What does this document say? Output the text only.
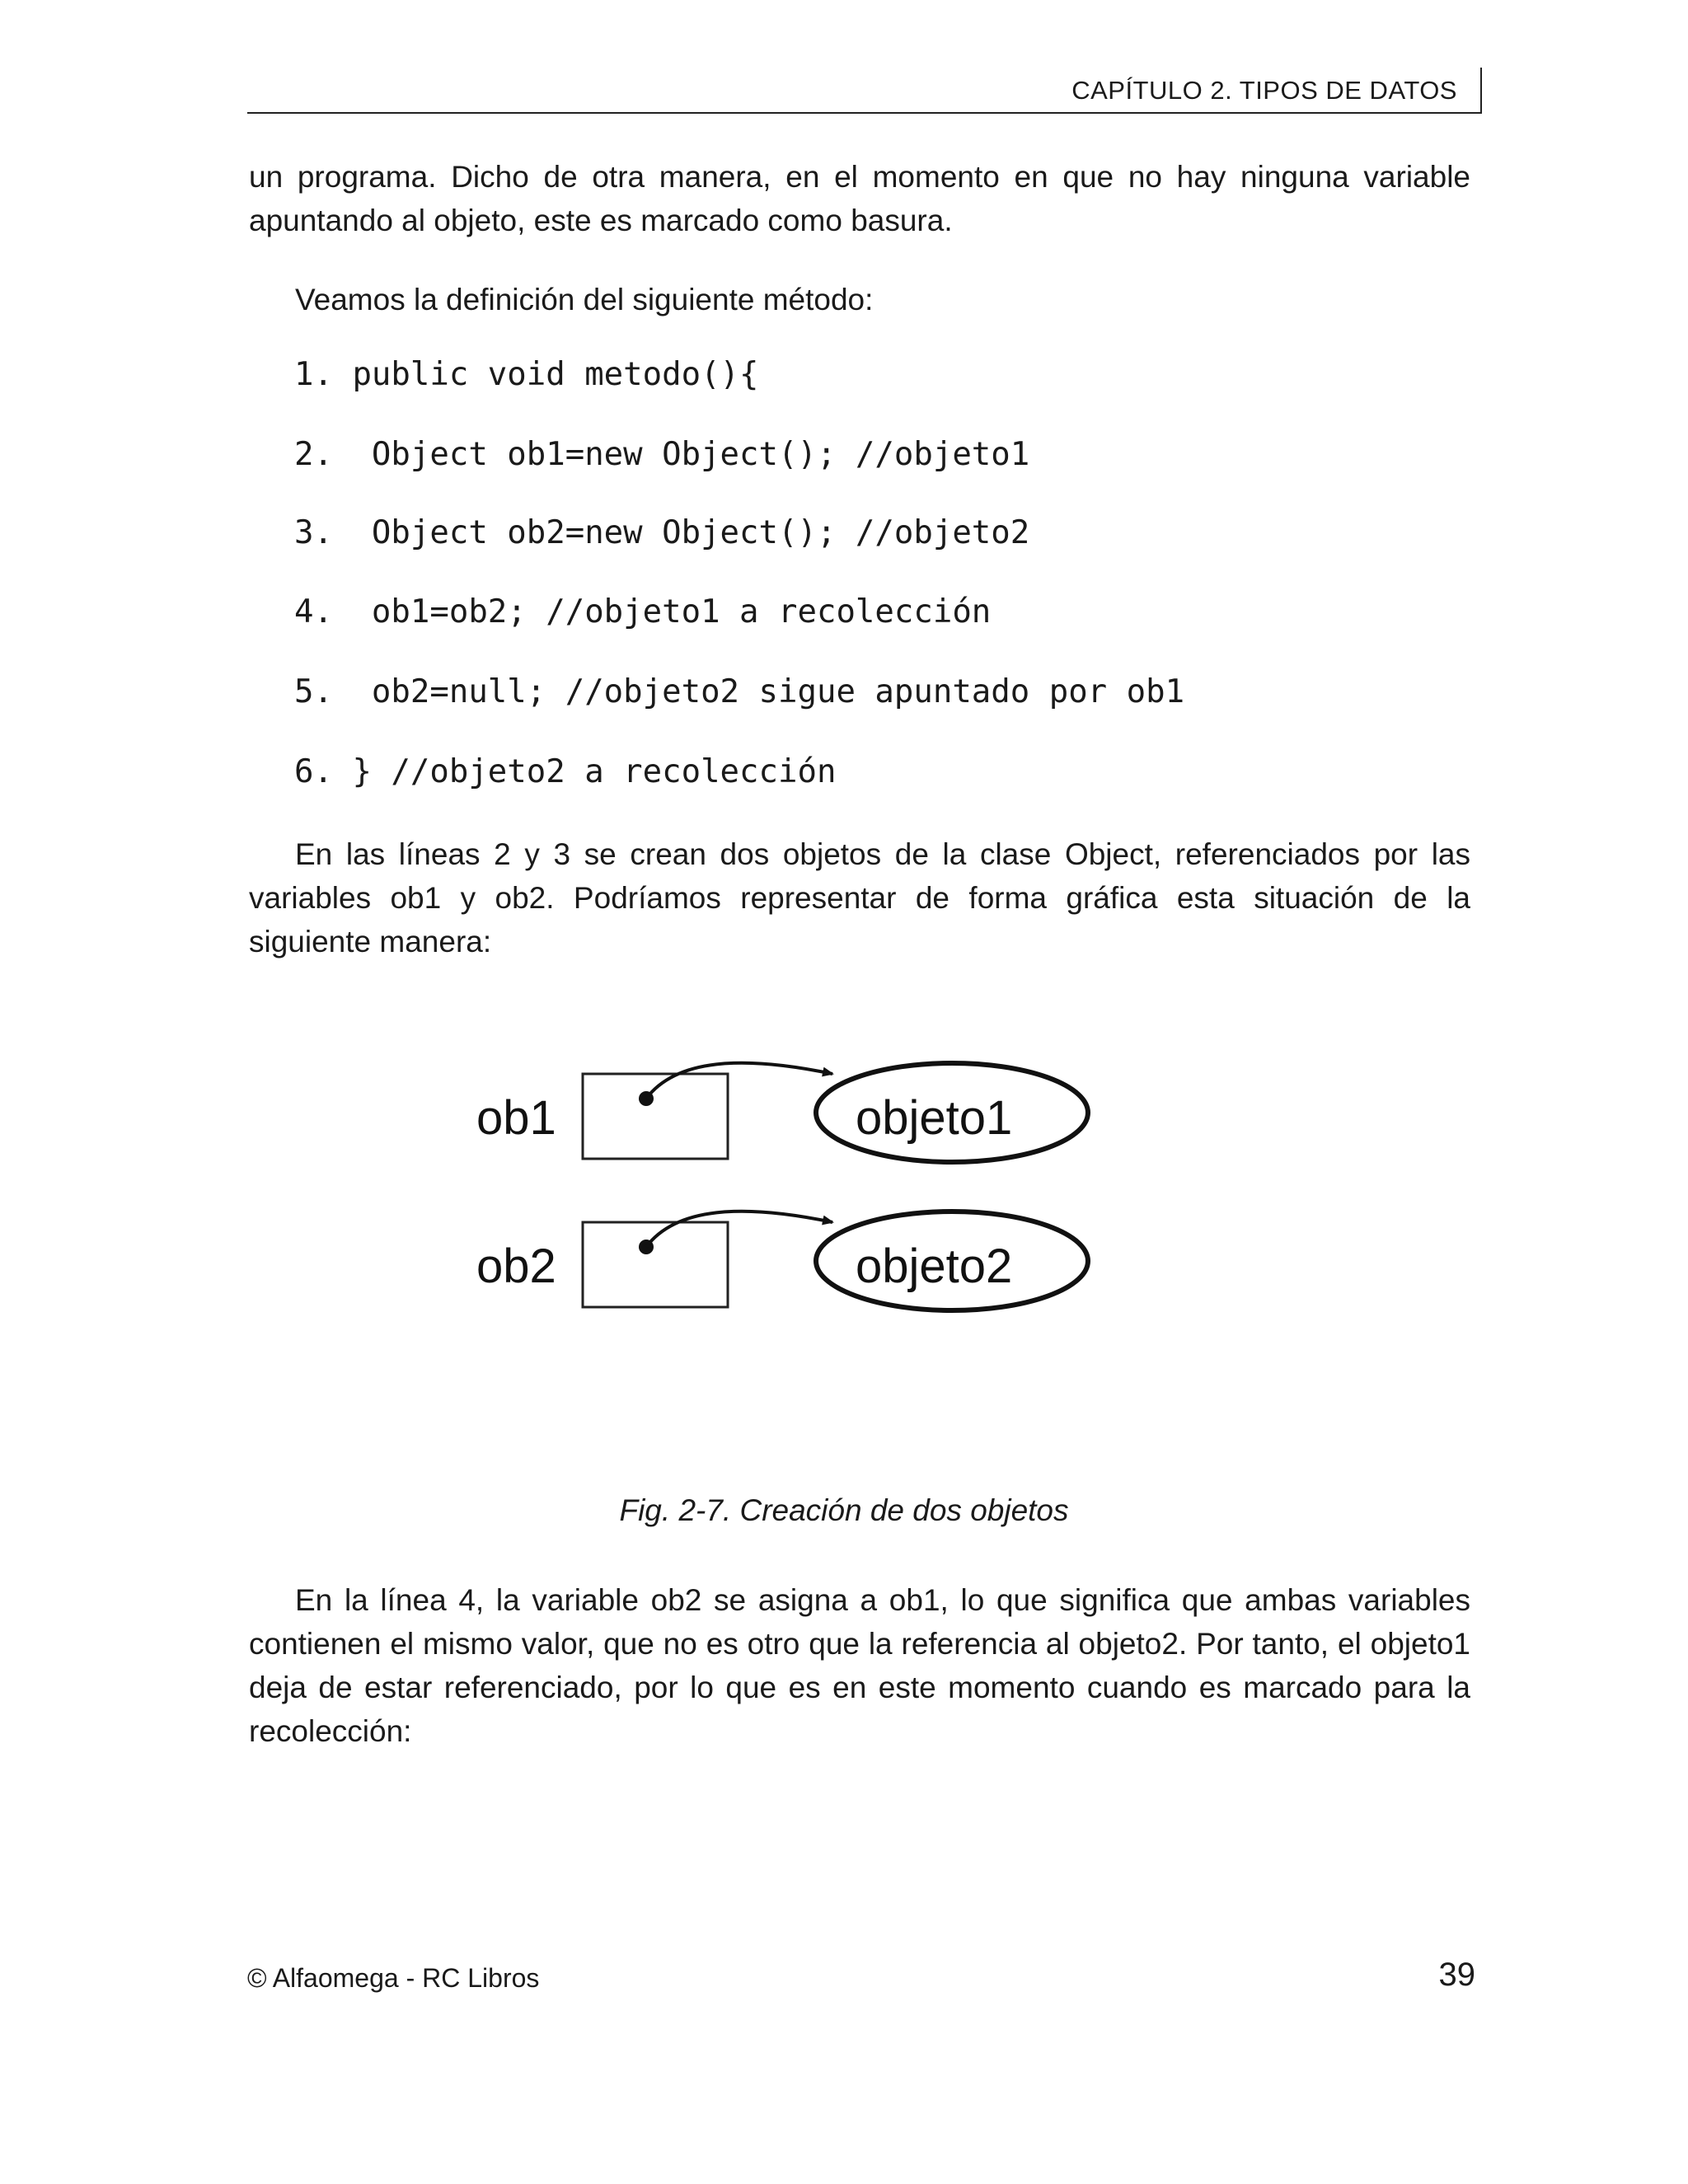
CAPÍTULO 2. TIPOS DE DATOS

un programa. Dicho de otra manera, en el momento en que no hay ninguna variable apuntando al objeto, este es marcado como basura.

Veamos la definición del siguiente método:

1. public void metodo(){

2.  Object ob1=new Object(); //objeto1

3.  Object ob2=new Object(); //objeto2

4.  ob1=ob2; //objeto1 a recolección

5.  ob2=null; //objeto2 sigue apuntado por ob1

6. } //objeto2 a recolección

En las líneas 2 y 3 se crean dos objetos de la clase Object, referenciados por las variables ob1 y ob2. Podríamos representar de forma gráfica esta situación de la siguiente manera:

ob1	objeto1
ob2	objeto2
Fig. 2-7. Creación de dos objetos

En la línea 4, la variable ob2 se asigna a ob1, lo que significa que ambas variables contienen el mismo valor, que no es otro que la referencia al objeto2. Por tanto, el objeto1 deja de estar referenciado, por lo que es en este momento cuando es marcado para la recolección:

© Alfaomega - RC Libros	39
